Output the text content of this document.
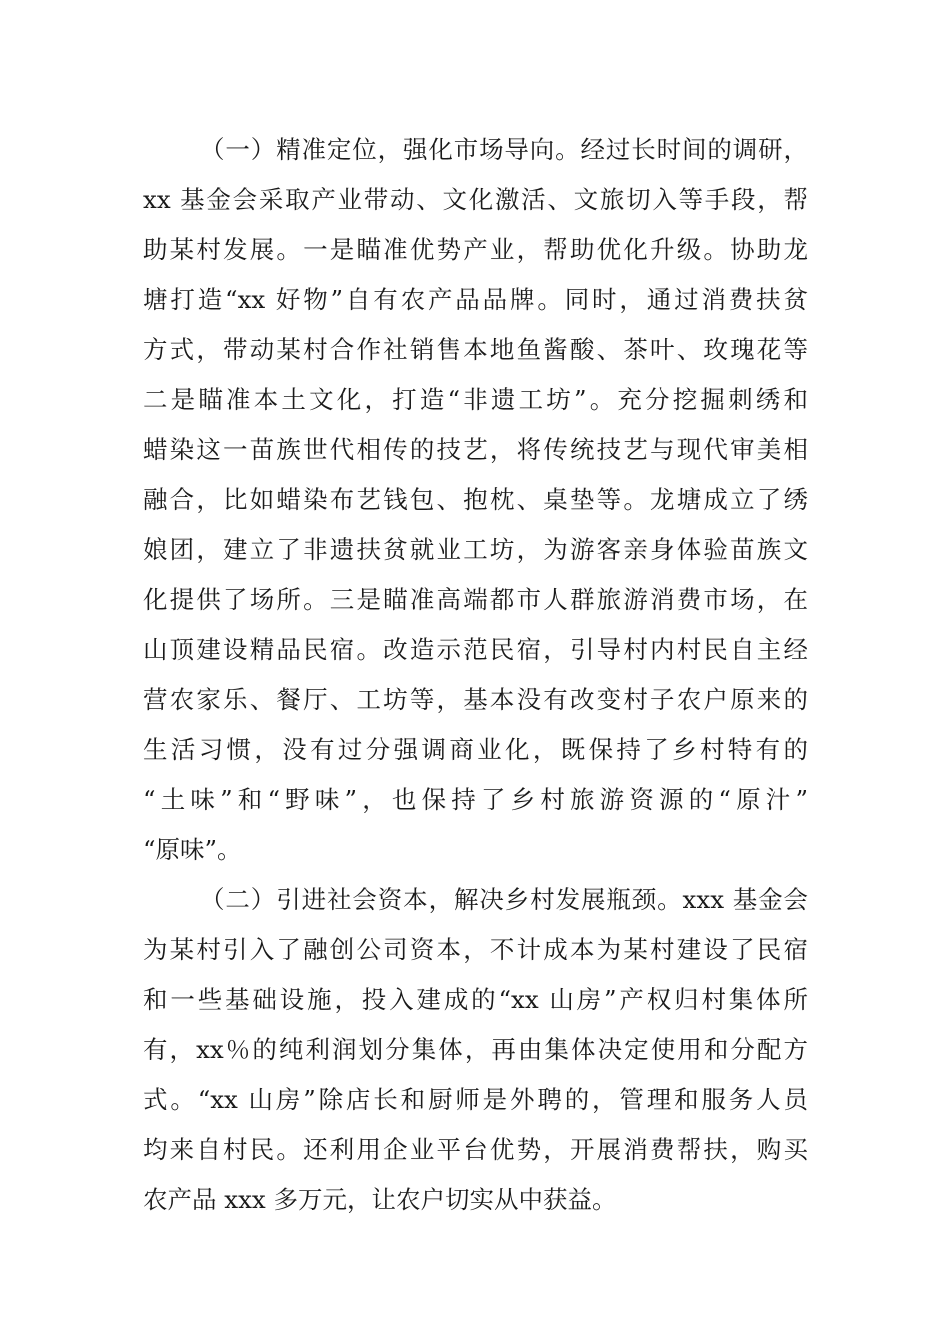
（一）精准定位，强化市场导向。经过长时间的调研，
xx 基金会采取产业带动、文化激活、文旅切入等手段，帮
助某村发展。一是瞄准优势产业，帮助优化升级。协助龙
塘打造“xx 好物”自有农产品品牌。同时，通过消费扶贫
方式，带动某村合作社销售本地鱼酱酸、茶叶、玫瑰花等
二是瞄准本土文化，打造“非遗工坊”。充分挖掘刺绣和
蜡染这一苗族世代相传的技艺，将传统技艺与现代审美相
融合，比如蜡染布艺钱包、抱枕、桌垫等。龙塘成立了绣
娘团，建立了非遗扶贫就业工坊，为游客亲身体验苗族文
化提供了场所。三是瞄准高端都市人群旅游消费市场，在
山顶建设精品民宿。改造示范民宿，引导村内村民自主经
营农家乐、餐厅、工坊等，基本没有改变村子农户原来的
生活习惯，没有过分强调商业化，既保持了乡村特有的
“土味”和“野味”，也保持了乡村旅游资源的“原汁”
“原味”。
（二）引进社会资本，解决乡村发展瓶颈。xxx 基金会
为某村引入了融创公司资本，不计成本为某村建设了民宿
和一些基础设施，投入建成的“xx 山房”产权归村集体所
有，xx％的纯利润划分集体，再由集体决定使用和分配方
式。“xx 山房”除店长和厨师是外聘的，管理和服务人员
均来自村民。还利用企业平台优势，开展消费帮扶，购买
农产品 xxx 多万元，让农户切实从中获益。
